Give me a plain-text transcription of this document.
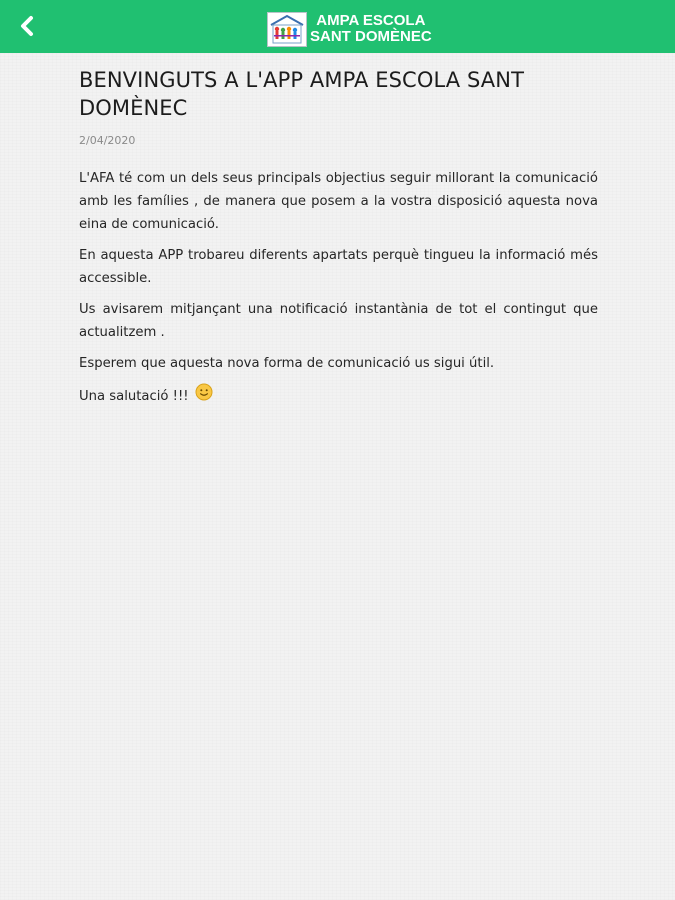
AMPA ESCOLA
SANT DOMÈNEC
BENVINGUTS A L'APP AMPA ESCOLA SANT DOMÈNEC
2/04/2020

L'AFA té com un dels seus principals objectius seguir millorant la comunicació amb les famílies , de manera que posem a la vostra disposició aquesta nova eina de comunicació.

En aquesta APP trobareu diferents apartats perquè tingueu la informació més accessible.

Us avisarem mitjançant una notificació instantània de tot el contingut que actualitzem .

Esperem que aquesta nova forma de comunicació us sigui útil.

Una salutació !!!
